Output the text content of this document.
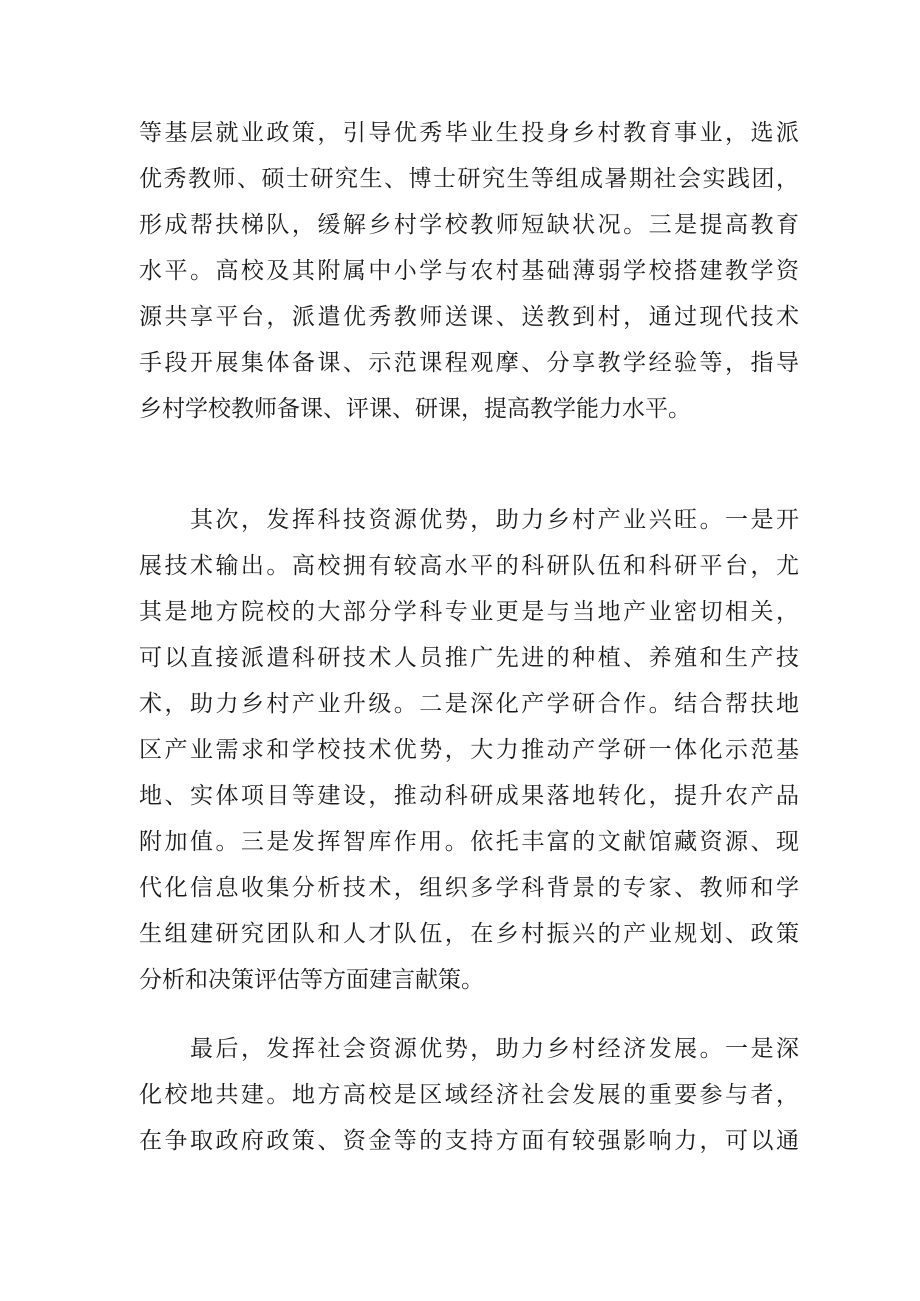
等基层就业政策，引导优秀毕业生投身乡村教育事业，选派
优秀教师、硕士研究生、博士研究生等组成暑期社会实践团，
形成帮扶梯队，缓解乡村学校教师短缺状况。三是提高教育
水平。高校及其附属中小学与农村基础薄弱学校搭建教学资
源共享平台，派遣优秀教师送课、送教到村，通过现代技术
手段开展集体备课、示范课程观摩、分享教学经验等，指导
乡村学校教师备课、评课、研课，提高教学能力水平。
其次，发挥科技资源优势，助力乡村产业兴旺。一是开
展技术输出。高校拥有较高水平的科研队伍和科研平台，尤
其是地方院校的大部分学科专业更是与当地产业密切相关，
可以直接派遣科研技术人员推广先进的种植、养殖和生产技
术，助力乡村产业升级。二是深化产学研合作。结合帮扶地
区产业需求和学校技术优势，大力推动产学研一体化示范基
地、实体项目等建设，推动科研成果落地转化，提升农产品
附加值。三是发挥智库作用。依托丰富的文献馆藏资源、现
代化信息收集分析技术，组织多学科背景的专家、教师和学
生组建研究团队和人才队伍，在乡村振兴的产业规划、政策
分析和决策评估等方面建言献策。
最后，发挥社会资源优势，助力乡村经济发展。一是深
化校地共建。地方高校是区域经济社会发展的重要参与者，
在争取政府政策、资金等的支持方面有较强影响力，可以通
